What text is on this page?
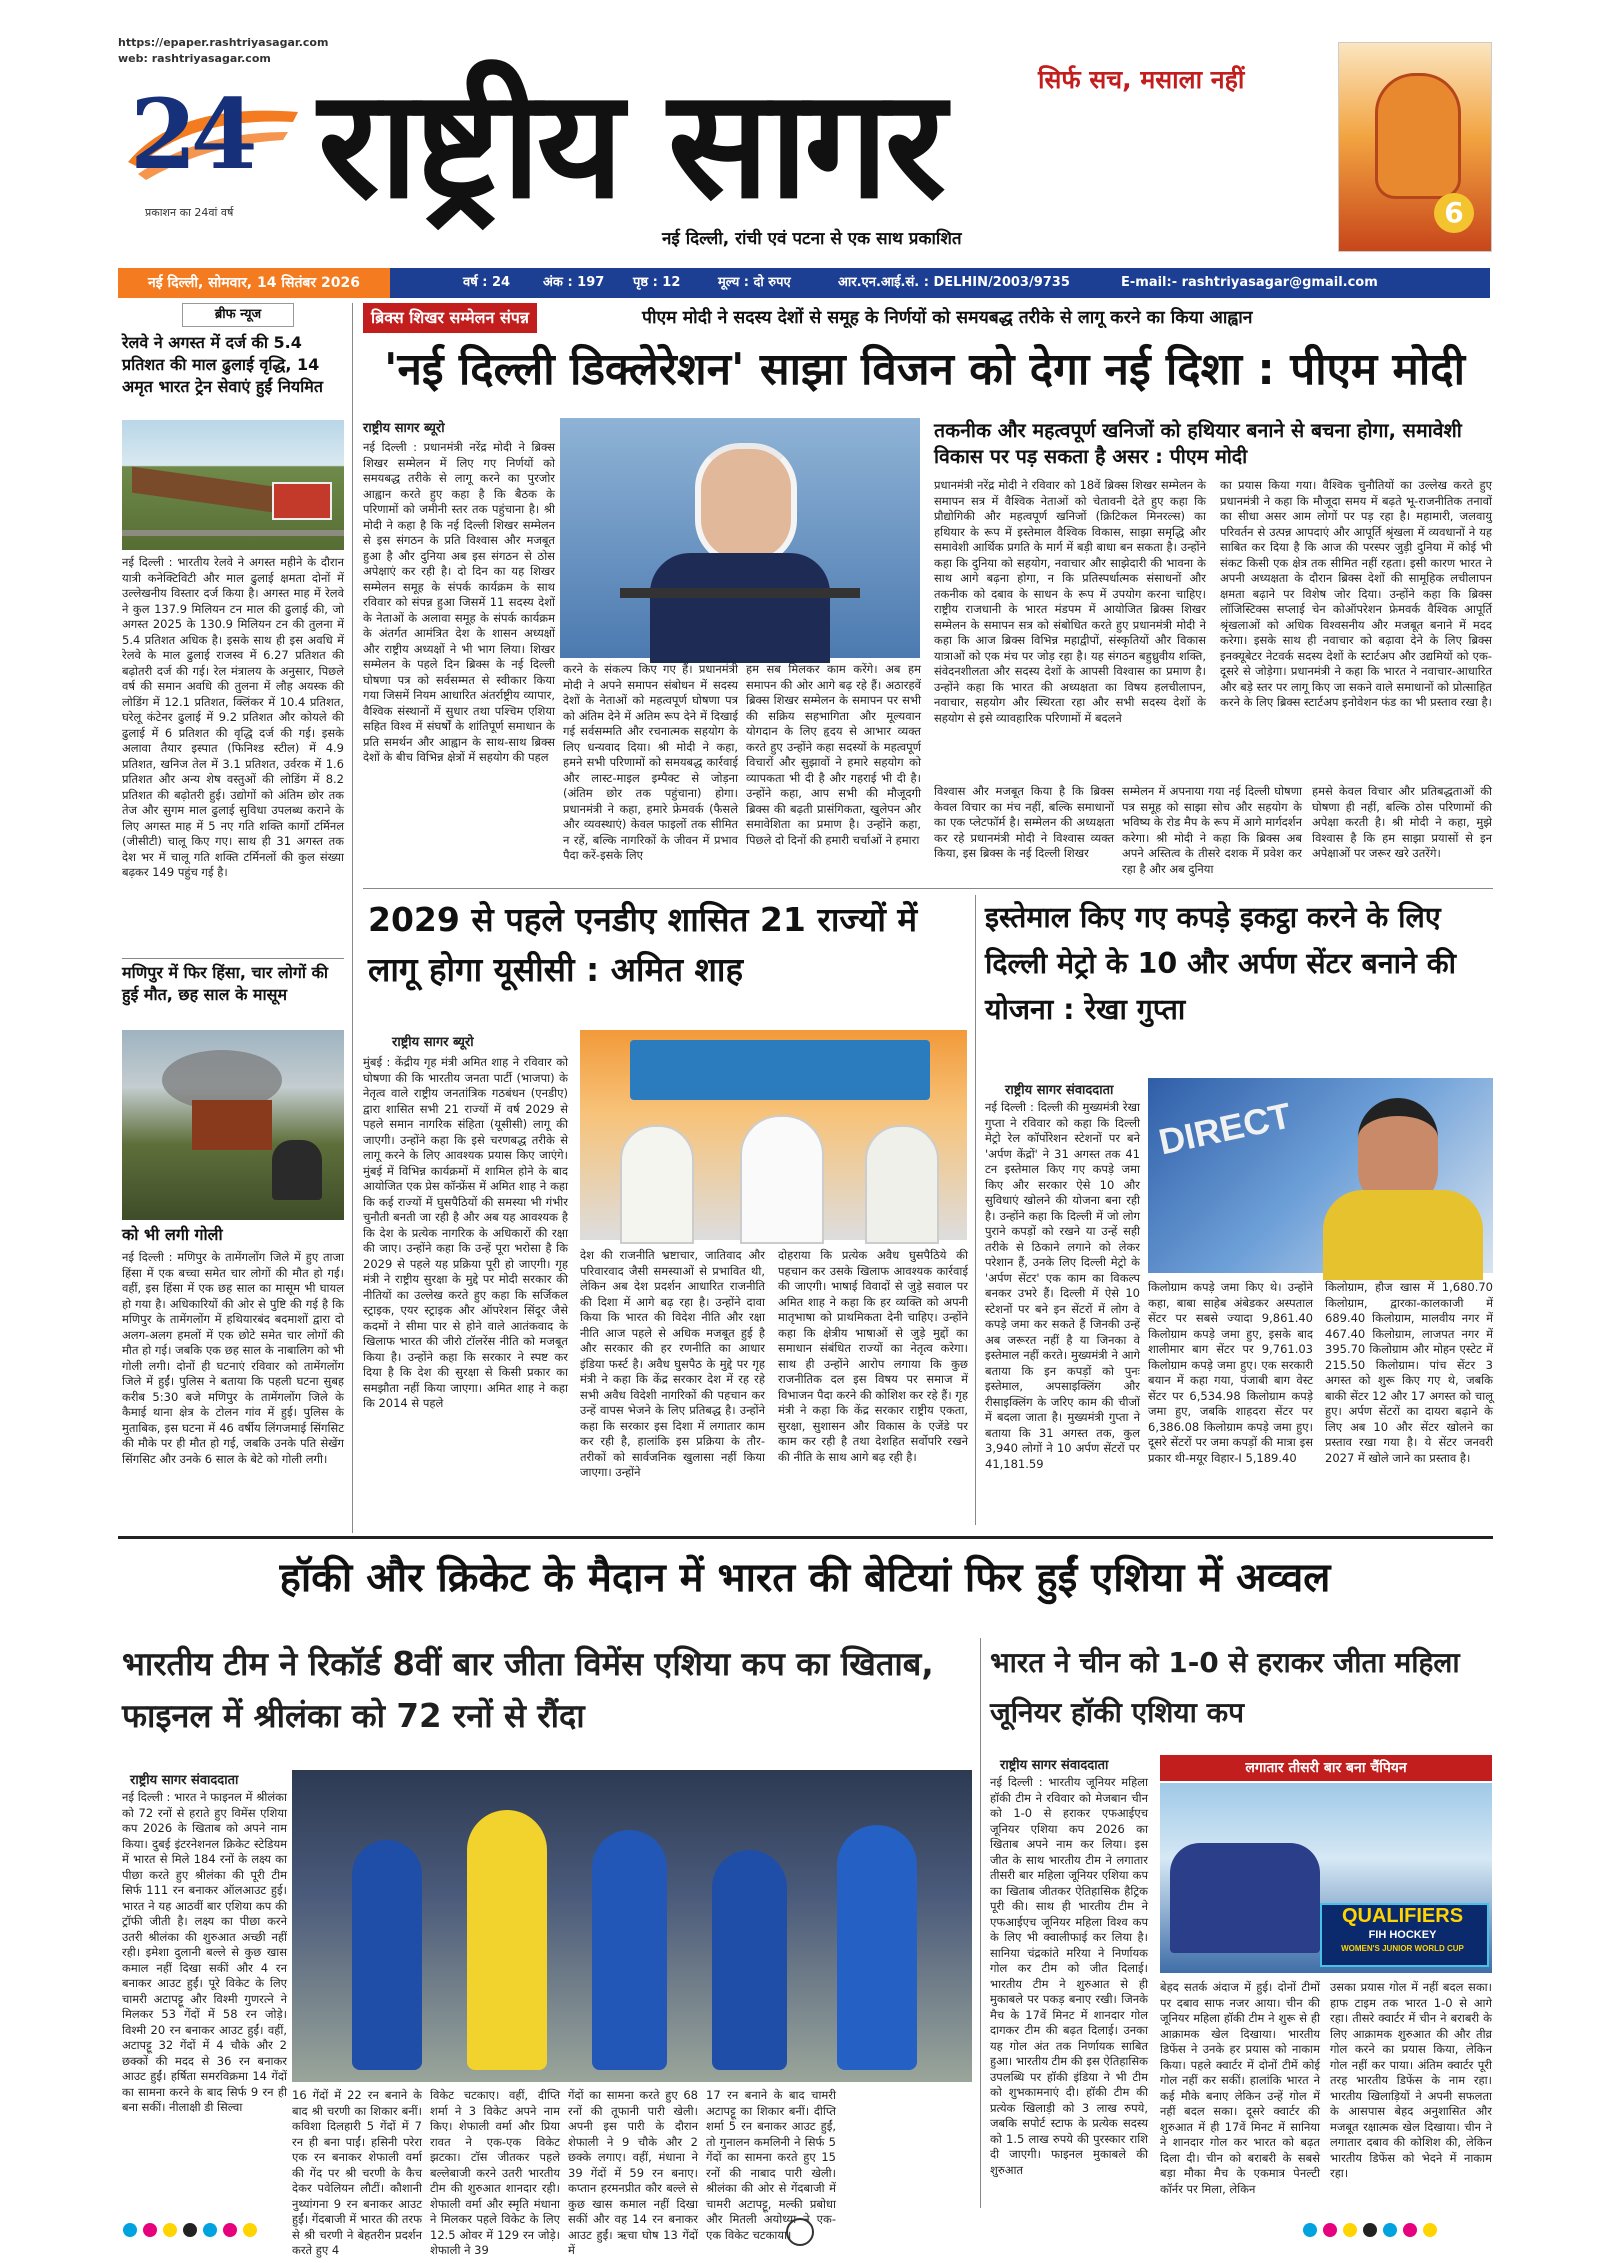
https://epaper.rashtriyasagar.com
web: rashtriyasagar.com
24
प्रकाशन का 24वां वर्ष राष्ट्रीय सागर	सिर्फ सच, मसाला नहीं
नई दिल्ली, रांची एवं पटना से एक साथ प्रकाशित
6
नई दिल्ली, सोमवार, 14 सितंबर 2026	वर्ष : 24	अंक : 197 पृष्ठ : 12	मूल्य : दो रुपए	आर.एन.आई.सं. : DELHIN/2003/9735	E-mail:- rashtriyasagar@gmail.com
ब्रीफ न्यूज
रेलवे ने अगस्त में दर्ज की 5.4 प्रतिशत की माल ढुलाई वृद्धि, 14 अमृत भारत ट्रेन सेवाएं हुईं नियमित
नई दिल्ली : भारतीय रेलवे ने अगस्त महीने के दौरान यात्री कनेक्टिविटी और माल ढुलाई क्षमता दोनों में उल्लेखनीय विस्तार दर्ज किया है। अगस्त माह में रेलवे ने कुल 137.9 मिलियन टन माल की ढुलाई की, जो अगस्त 2025 के 130.9 मिलियन टन की तुलना में 5.4 प्रतिशत अधिक है। इसके साथ ही इस अवधि में रेलवे के माल ढुलाई राजस्व में 6.27 प्रतिशत की बढ़ोतरी दर्ज की गई। रेल मंत्रालय के अनुसार, पिछले वर्ष की समान अवधि की तुलना में लौह अयस्क की लोडिंग में 12.1 प्रतिशत, क्लिंकर में 10.4 प्रतिशत, घरेलू कंटेनर ढुलाई में 9.2 प्रतिशत और कोयले की ढुलाई में 6 प्रतिशत की वृद्धि दर्ज की गई। इसके अलावा तैयार इस्पात (फिनिश्ड स्टील) में 4.9 प्रतिशत, खनिज तेल में 3.1 प्रतिशत, उर्वरक में 1.6 प्रतिशत और अन्य शेष वस्तुओं की लोडिंग में 8.2 प्रतिशत की बढ़ोतरी हुई। उद्योगों को अंतिम छोर तक तेज और सुगम माल ढुलाई सुविधा उपलब्ध कराने के लिए अगस्त माह में 5 नए गति शक्ति कार्गो टर्मिनल (जीसीटी) चालू किए गए। साथ ही 31 अगस्त तक देश भर में चालू गति शक्ति टर्मिनलों की कुल संख्या बढ़कर 149 पहुंच गई है।
मणिपुर में फिर हिंसा, चार लोगों की हुई मौत, छह साल के मासूम
को भी लगी गोली
नई दिल्ली : मणिपुर के तामेंगलोंग जिले में हुए ताजा हिंसा में एक बच्चा समेत चार लोगों की मौत हो गई। वहीं, इस हिंसा में एक छह साल का मासूम भी घायल हो गया है। अधिकारियों की ओर से पुष्टि की गई है कि मणिपुर के तामेंगलोंग में हथियारबंद बदमाशों द्वारा दो अलग-अलग हमलों में एक छोटे समेत चार लोगों की मौत हो गई। जबकि एक छह साल के नाबालिग को भी गोली लगी। दोनों ही घटनाएं रविवार को तामेंगलोंग जिले में हुईं। पुलिस ने बताया कि पहली घटना सुबह करीब 5:30 बजे मणिपुर के तामेंगलोंग जिले के कैमाई थाना क्षेत्र के टोलन गांव में हुई। पुलिस के मुताबिक, इस घटना में 46 वर्षीय लिंगजमाई सिंगसिट की मौके पर ही मौत हो गई, जबकि उनके पति सेखेंग सिंगसिट और उनके 6 साल के बेटे को गोली लगी।
ब्रिक्स शिखर सम्मेलन संपन्न	पीएम मोदी ने सदस्य देशों से समूह के निर्णयों को समयबद्ध तरीके से लागू करने का किया आह्वान
'नई दिल्ली डिक्लेरेशन' साझा विजन को देगा नई दिशा : पीएम मोदी
राष्ट्रीय सागर ब्यूरो
नई दिल्ली : प्रधानमंत्री नरेंद्र मोदी ने ब्रिक्स शिखर सम्मेलन में लिए गए निर्णयों को समयबद्ध तरीके से लागू करने का पुरजोर आह्वान करते हुए कहा है कि बैठक के परिणामों को जमीनी स्तर तक पहुंचाना है। श्री मोदी ने कहा है कि नई दिल्ली शिखर सम्मेलन से इस संगठन के प्रति विश्वास और मजबूत हुआ है और दुनिया अब इस संगठन से ठोस अपेक्षाएं कर रही है। दो दिन का यह शिखर सम्मेलन समूह के संपर्क कार्यक्रम के साथ रविवार को संपन्न हुआ जिसमें 11 सदस्य देशों के नेताओं के अलावा समूह के संपर्क कार्यक्रम के अंतर्गत आमंत्रित देश के शासन अध्यक्षों और राष्ट्रीय अध्यक्षों ने भी भाग लिया। शिखर सम्मेलन के पहले दिन ब्रिक्स के नई दिल्ली घोषणा पत्र को सर्वसम्मत से स्वीकार किया गया जिसमें नियम आधारित अंतर्राष्ट्रीय व्यापार, वैश्विक संस्थानों में सुधार तथा पश्चिम एशिया सहित विश्व में संघर्षों के शांतिपूर्ण समाधान के प्रति समर्थन और आह्वान के साथ-साथ ब्रिक्स देशों के बीच विभिन्न क्षेत्रों में सहयोग की पहल
करने के संकल्प किए गए हैं। प्रधानमंत्री मोदी ने अपने समापन संबोधन में सदस्य देशों के नेताओं को महत्वपूर्ण घोषणा पत्र को अंतिम देने में अतिम रूप देने में दिखाई गई सर्वसम्मति और रचनात्मक सहयोग के लिए धन्यवाद दिया। श्री मोदी ने कहा, हमने सभी परिणामों को समयबद्ध कार्रवाई और लास्ट-माइल इम्पैक्ट से जोड़ना (अंतिम छोर तक पहुंचाना) होगा। प्रधानमंत्री ने कहा, हमारे फ्रेमवर्क (फैसले और व्यवस्थाएं) केवल फाइलों तक सीमित न रहें, बल्कि नागरिकों के जीवन में प्रभाव पैदा करें-इसके लिए
हम सब मिलकर काम करेंगे। अब हम समापन की ओर आगे बढ़ रहे हैं। अठारहवें ब्रिक्स शिखर सम्मेलन के समापन पर सभी की सक्रिय सहभागिता और मूल्यवान योगदान के लिए हृदय से आभार व्यक्त करते हुए उन्होंने कहा सदस्यों के महत्वपूर्ण विचारों और सुझावों ने हमारे सहयोग को व्यापकता भी दी है और गहराई भी दी है। उन्होंने कहा, आप सभी की मौजूदगी ब्रिक्स की बढ़ती प्रासंगिकता, खुलेपन और समावेशिता का प्रमाण है। उन्होंने कहा, पिछले दो दिनों की हमारी चर्चाओं ने हमारा
तकनीक और महत्वपूर्ण खनिजों को हथियार बनाने से बचना होगा, समावेशी विकास पर पड़ सकता है असर : पीएम मोदी
प्रधानमंत्री नरेंद्र मोदी ने रविवार को 18वें ब्रिक्स शिखर सम्मेलन के समापन सत्र में वैश्विक नेताओं को चेतावनी देते हुए कहा कि प्रौद्योगिकी और महत्वपूर्ण खनिजों (क्रिटिकल मिनरल्स) का हथियार के रूप में इस्तेमाल वैश्विक विकास, साझा समृद्धि और समावेशी आर्थिक प्रगति के मार्ग में बड़ी बाधा बन सकता है। उन्होंने कहा कि दुनिया को सहयोग, नवाचार और साझेदारी की भावना के साथ आगे बढ़ना होगा, न कि प्रतिस्पर्धात्मक संसाधनों और तकनीक को दबाव के साधन के रूप में उपयोग करना चाहिए। राष्ट्रीय राजधानी के भारत मंडपम में आयोजित ब्रिक्स शिखर सम्मेलन के समापन सत्र को संबोधित करते हुए प्रधानमंत्री मोदी ने कहा कि आज ब्रिक्स विभिन्न महाद्वीपों, संस्कृतियों और विकास यात्राओं को एक मंच पर जोड़ रहा है। यह संगठन बहुध्रुवीय शक्ति, संवेदनशीलता और सदस्य देशों के आपसी विश्वास का प्रमाण है। उन्होंने कहा कि भारत की अध्यक्षता का विषय हलचीलापन, नवाचार, सहयोग और स्थिरता रहा और सभी सदस्य देशों के सहयोग से इसे व्यावहारिक परिणामों में बदलने
का प्रयास किया गया। वैश्विक चुनौतियों का उल्लेख करते हुए प्रधानमंत्री ने कहा कि मौजूदा समय में बढ़ते भू-राजनीतिक तनावों का सीधा असर आम लोगों पर पड़ रहा है। महामारी, जलवायु परिवर्तन से उत्पन्न आपदाएं और आपूर्ति श्रृंखला में व्यवधानों ने यह साबित कर दिया है कि आज की परस्पर जुड़ी दुनिया में कोई भी संकट किसी एक क्षेत्र तक सीमित नहीं रहता। इसी कारण भारत ने अपनी अध्यक्षता के दौरान ब्रिक्स देशों की सामूहिक लचीलापन क्षमता बढ़ाने पर विशेष जोर दिया। उन्होंने कहा कि ब्रिक्स लॉजिस्टिक्स सप्लाई चेन कोऑपरेशन फ्रेमवर्क वैश्विक आपूर्ति श्रृंखलाओं को अधिक विश्वसनीय और मजबूत बनाने में मदद करेगा। इसके साथ ही नवाचार को बढ़ावा देने के लिए ब्रिक्स इनक्यूबेटर नेटवर्क सदस्य देशों के स्टार्टअप और उद्यमियों को एक-दूसरे से जोड़ेगा। प्रधानमंत्री ने कहा कि भारत ने नवाचार-आधारित और बड़े स्तर पर लागू किए जा सकने वाले समाधानों को प्रोत्साहित करने के लिए ब्रिक्स स्टार्टअप इनोवेशन फंड का भी प्रस्ताव रखा है।
विश्वास और मजबूत किया है कि ब्रिक्स केवल विचार का मंच नहीं, बल्कि समाधानों का एक प्लेटफॉर्म है। सम्मेलन की अध्यक्षता कर रहे प्रधानमंत्री मोदी ने विश्वास व्यक्त किया, इस ब्रिक्स के नई दिल्ली शिखर
सम्मेलन में अपनाया गया नई दिल्ली घोषणा पत्र समूह को साझा सोच और सहयोग के भविष्य के रोड मैप के रूप में आगे मार्गदर्शन करेगा। श्री मोदी ने कहा कि ब्रिक्स अब अपने अस्तित्व के तीसरे दशक में प्रवेश कर रहा है और अब दुनिया
हमसे केवल विचार और प्रतिबद्धताओं की घोषणा ही नहीं, बल्कि ठोस परिणामों की अपेक्षा करती है। श्री मोदी ने कहा, मुझे विश्वास है कि हम साझा प्रयासों से इन अपेक्षाओं पर जरूर खरे उतरेंगे।
2029 से पहले एनडीए शासित 21 राज्यों में लागू होगा यूसीसी : अमित शाह
राष्ट्रीय सागर ब्यूरो
मुंबई : केंद्रीय गृह मंत्री अमित शाह ने रविवार को घोषणा की कि भारतीय जनता पार्टी (भाजपा) के नेतृत्व वाले राष्ट्रीय जनतांत्रिक गठबंधन (एनडीए) द्वारा शासित सभी 21 राज्यों में वर्ष 2029 से पहले समान नागरिक संहिता (यूसीसी) लागू की जाएगी। उन्होंने कहा कि इसे चरणबद्ध तरीके से लागू करने के लिए आवश्यक प्रयास किए जाएंगे। मुंबई में विभिन्न कार्यक्रमों में शामिल होने के बाद आयोजित एक प्रेस कॉन्फ्रेंस में अमित शाह ने कहा कि कई राज्यों में घुसपैठियों की समस्या भी गंभीर चुनौती बनती जा रही है और अब यह आवश्यक है कि देश के प्रत्येक नागरिक के अधिकारों की रक्षा की जाए। उन्होंने कहा कि उन्हें पूरा भरोसा है कि 2029 से पहले यह प्रक्रिया पूरी हो जाएगी। गृह मंत्री ने राष्ट्रीय सुरक्षा के मुद्दे पर मोदी सरकार की नीतियों का उल्लेख करते हुए कहा कि सर्जिकल स्ट्राइक, एयर स्ट्राइक और ऑपरेशन सिंदूर जैसे कदमों ने सीमा पार से होने वाले आतंकवाद के खिलाफ भारत की जीरो टॉलरेंस नीति को मजबूत किया है। उन्होंने कहा कि सरकार ने स्पष्ट कर दिया है कि देश की सुरक्षा से किसी प्रकार का समझौता नहीं किया जाएगा। अमित शाह ने कहा कि 2014 से पहले
देश की राजनीति भ्रष्टाचार, जातिवाद और परिवारवाद जैसी समस्याओं से प्रभावित थी, लेकिन अब देश प्रदर्शन आधारित राजनीति की दिशा में आगे बढ़ रहा है। उन्होंने दावा किया कि भारत की विदेश नीति और रक्षा नीति आज पहले से अधिक मजबूत हुई है और सरकार की हर रणनीति का आधार इंडिया फर्स्ट है। अवैध घुसपैठ के मुद्दे पर गृह मंत्री ने कहा कि केंद्र सरकार देश में रह रहे सभी अवैध विदेशी नागरिकों की पहचान कर उन्हें वापस भेजने के लिए प्रतिबद्ध है। उन्होंने कहा कि सरकार इस दिशा में लगातार काम कर रही है, हालांकि इस प्रक्रिया के तौर-तरीकों को सार्वजनिक खुलासा नहीं किया जाएगा। उन्होंने
दोहराया कि प्रत्येक अवैध घुसपैठिये की पहचान कर उसके खिलाफ आवश्यक कार्रवाई की जाएगी। भाषाई विवादों से जुड़े सवाल पर अमित शाह ने कहा कि हर व्यक्ति को अपनी मातृभाषा को प्राथमिकता देनी चाहिए। उन्होंने कहा कि क्षेत्रीय भाषाओं से जुड़े मुद्दों का समाधान संबंधित राज्यों का नेतृत्व करेगा। साथ ही उन्होंने आरोप लगाया कि कुछ राजनीतिक दल इस विषय पर समाज में विभाजन पैदा करने की कोशिश कर रहे हैं। गृह मंत्री ने कहा कि केंद्र सरकार राष्ट्रीय एकता, सुरक्षा, सुशासन और विकास के एजेंडे पर काम कर रही है तथा देशहित सर्वोपरि रखने की नीति के साथ आगे बढ़ रही है।
इस्तेमाल किए गए कपड़े इकट्ठा करने के लिए दिल्ली मेट्रो के 10 और अर्पण सेंटर बनाने की योजना : रेखा गुप्ता
राष्ट्रीय सागर संवाददाता
नई दिल्ली : दिल्ली की मुख्यमंत्री रेखा गुप्ता ने रविवार को कहा कि दिल्ली मेट्रो रेल कॉर्पोरेशन स्टेशनों पर बने 'अर्पण केंद्रों' ने 31 अगस्त तक 41 टन इस्तेमाल किए गए कपड़े जमा किए और सरकार ऐसे 10 और सुविधाएं खोलने की योजना बना रही है। उन्होंने कहा कि दिल्ली में जो लोग पुराने कपड़ों को रखने या उन्हें सही तरीके से ठिकाने लगाने को लेकर परेशान हैं, उनके लिए दिल्ली मेट्रो के 'अर्पण सेंटर' एक काम का विकल्प बनकर उभरे हैं। दिल्ली में ऐसे 10 स्टेशनों पर बने इन सेंटरों में लोग वे कपड़े जमा कर सकते हैं जिनकी उन्हें अब जरूरत नहीं है या जिनका वे इस्तेमाल नहीं करते। मुख्यमंत्री ने आगे बताया कि इन कपड़ों को पुनः इस्तेमाल, अपसाइक्लिंग और रीसाइक्लिंग के जरिए काम की चीजों में बदला जाता है। मुख्यमंत्री गुप्ता ने बताया कि 31 अगस्त तक, कुल 3,940 लोगों ने 10 अर्पण सेंटरों पर 41,181.59
DIRECT
किलोग्राम कपड़े जमा किए थे। उन्होंने कहा, बाबा साहेब अंबेडकर अस्पताल सेंटर पर सबसे ज्यादा 9,861.40 किलोग्राम कपड़े जमा हुए, इसके बाद शालीमार बाग सेंटर पर 9,761.03 किलोग्राम कपड़े जमा हुए। एक सरकारी बयान में कहा गया, पंजाबी बाग वेस्ट सेंटर पर 6,534.98 किलोग्राम कपड़े जमा हुए, जबकि शाहदरा सेंटर पर 6,386.08 किलोग्राम कपड़े जमा हुए। दूसरे सेंटरों पर जमा कपड़ों की मात्रा इस प्रकार थी-मयूर विहार-I 5,189.40
किलोग्राम, हौज खास में 1,680.70 किलोग्राम, द्वारका-कालकाजी में 689.40 किलोग्राम, मालवीय नगर में 467.40 किलोग्राम, लाजपत नगर में 395.70 किलोग्राम और मोहन एस्टेट में 215.50 किलोग्राम। पांच सेंटर 3 अगस्त को शुरू किए गए थे, जबकि बाकी सेंटर 12 और 17 अगस्त को चालू हुए। अर्पण सेंटरों का दायरा बढ़ाने के लिए अब 10 और सेंटर खोलने का प्रस्ताव रखा गया है। ये सेंटर जनवरी 2027 में खोले जाने का प्रस्ताव है।
हॉकी और क्रिकेट के मैदान में भारत की बेटियां फिर हुईं एशिया में अव्वल
भारतीय टीम ने रिकॉर्ड 8वीं बार जीता विमेंस एशिया कप का खिताब, फाइनल में श्रीलंका को 72 रनों से रौंदा
राष्ट्रीय सागर संवाददाता
नई दिल्ली : भारत ने फाइनल में श्रीलंका को 72 रनों से हराते हुए विमेंस एशिया कप 2026 के खिताब को अपने नाम किया। दुबई इंटरनेशनल क्रिकेट स्टेडियम में भारत से मिले 184 रनों के लक्ष्य का पीछा करते हुए श्रीलंका की पूरी टीम सिर्फ 111 रन बनाकर ऑलआउट हुई। भारत ने यह आठवीं बार एशिया कप की ट्रॉफी जीती है। लक्ष्य का पीछा करने उतरी श्रीलंका की शुरुआत अच्छी नहीं रही। इमेशा दुलानी बल्ले से कुछ खास कमाल नहीं दिखा सकीं और 4 रन बनाकर आउट हुईं। पूरे विकेट के लिए चामरी अटापट्टू और विश्मी गुणरत्ने ने मिलकर 53 गेंदों में 58 रन जोड़े। विश्मी 20 रन बनाकर आउट हुईं। वहीं, अटापट्टू 32 गेंदों में 4 चौके और 2 छक्कों की मदद से 36 रन बनाकर आउट हुईं। हर्षिता समरविक्रमा 14 गेंदों का सामना करने के बाद सिर्फ 9 रन ही बना सकीं। नीलाक्षी डी सिल्वा
16 गेंदों में 22 रन बनाने के बाद श्री चरणी का शिकार बनीं। कविशा दिलहारी 5 गेंदों में 7 रन ही बना पाईं। हसिनी परेरा एक रन बनाकर शेफाली वर्मा की गेंद पर श्री चरणी के कैच देकर पवेलियन लौटीं। कौशानी नुथ्यांगना 9 रन बनाकर आउट हुईं। गेंदबाजी में भारत की तरफ से श्री चरणी ने बेहतरीन प्रदर्शन करते हुए 4
विकेट चटकाए। वहीं, दीप्ति शर्मा ने 3 विकेट अपने नाम किए। शेफाली वर्मा और प्रिया रावत ने एक-एक विकेट झटका। टॉस जीतकर पहले बल्लेबाजी करने उतरी भारतीय टीम की शुरुआत शानदार रही। शेफाली वर्मा और स्मृति मंधाना ने मिलकर पहले विकेट के लिए 12.5 ओवर में 129 रन जोड़े। शेफाली ने 39
गेंदों का सामना करते हुए 68 रनों की तूफानी पारी खेली। अपनी इस पारी के दौरान शेफाली ने 9 चौके और 2 छक्के लगाए। वहीं, मंधाना ने 39 गेंदों में 59 रन बनाए। कप्तान हरमनप्रीत कौर बल्ले से कुछ खास कमाल नहीं दिखा सकीं और वह 14 रन बनाकर आउट हुईं। ऋचा घोष 13 गेंदों में
17 रन बनाने के बाद चामरी अटापट्टू का शिकार बनीं। दीप्ति शर्मा 5 रन बनाकर आउट हुईं, तो गुनालन कमलिनी ने सिर्फ 5 गेंदों का सामना करते हुए 15 रनों की नाबाद पारी खेली। श्रीलंका की ओर से गेंदबाजी में चामरी अटापट्टू, मल्की प्रबोधा और मितली अयोध्या ने एक-एक विकेट चटकाया।
भारत ने चीन को 1-0 से हराकर जीता महिला जूनियर हॉकी एशिया कप
राष्ट्रीय सागर संवाददाता
नई दिल्ली : भारतीय जूनियर महिला हॉकी टीम ने रविवार को मेजबान चीन को 1-0 से हराकर एफआईएच जूनियर एशिया कप 2026 का खिताब अपने नाम कर लिया। इस जीत के साथ भारतीय टीम ने लगातार तीसरी बार महिला जूनियर एशिया कप का खिताब जीतकर ऐतिहासिक हैट्रिक पूरी की। साथ ही भारतीय टीम ने एफआईएच जूनियर महिला विश्व कप के लिए भी क्वालीफाई कर लिया है। सानिया चंद्रकांते मरिया ने निर्णायक गोल कर टीम को जीत दिलाई। भारतीय टीम ने शुरुआत से ही मुकाबले पर पकड़ बनाए रखी। जिनके मैच के 17वें मिनट में शानदार गोल दागकर टीम की बढ़त दिलाई। उनका यह गोल अंत तक निर्णायक साबित हुआ। भारतीय टीम की इस ऐतिहासिक उपलब्धि पर हॉकी इंडिया ने भी टीम को शुभकामनाएं दी। हॉकी टीम की प्रत्येक खिलाड़ी को 3 लाख रुपये, जबकि सपोर्ट स्टाफ के प्रत्येक सदस्य को 1.5 लाख रुपये की पुरस्कार राशि दी जाएगी। फाइनल मुकाबले की शुरुआत
लगातार तीसरी बार बना चैंपियन
QUALIFIERS
FIH HOCKEY
WOMEN'S JUNIOR WORLD CUP
बेहद सतर्क अंदाज में हुई। दोनों टीमों पर दबाव साफ नजर आया। चीन की जूनियर महिला हॉकी टीम ने शुरू से ही आक्रामक खेल दिखाया। भारतीय डिफेंस ने उनके हर प्रयास को नाकाम किया। पहले क्वार्टर में दोनों टीमें कोई गोल नहीं कर सकीं। हालांकि भारत ने कई मौके बनाए लेकिन उन्हें गोल में नहीं बदल सका। दूसरे क्वार्टर की शुरुआत में ही 17वें मिनट में सानिया ने शानदार गोल कर भारत को बढ़त दिला दी। चीन को बराबरी के सबसे बड़ा मौका मैच के एकमात्र पेनल्टी कॉर्नर पर मिला, लेकिन
उसका प्रयास गोल में नहीं बदल सका। हाफ टाइम तक भारत 1-0 से आगे रहा। तीसरे क्वार्टर में चीन ने बराबरी के लिए आक्रामक शुरुआत की और तीव्र गोल करने का प्रयास किया, लेकिन गोल नहीं कर पाया। अंतिम क्वार्टर पूरी तरह भारतीय डिफेंस के नाम रहा। भारतीय खिलाड़ियों ने अपनी सफलता के आसपास बेहद अनुशासित और मजबूत रक्षात्मक खेल दिखाया। चीन ने लगातार दबाव की कोशिश की, लेकिन भारतीय डिफेंस को भेदने में नाकाम रहा।
